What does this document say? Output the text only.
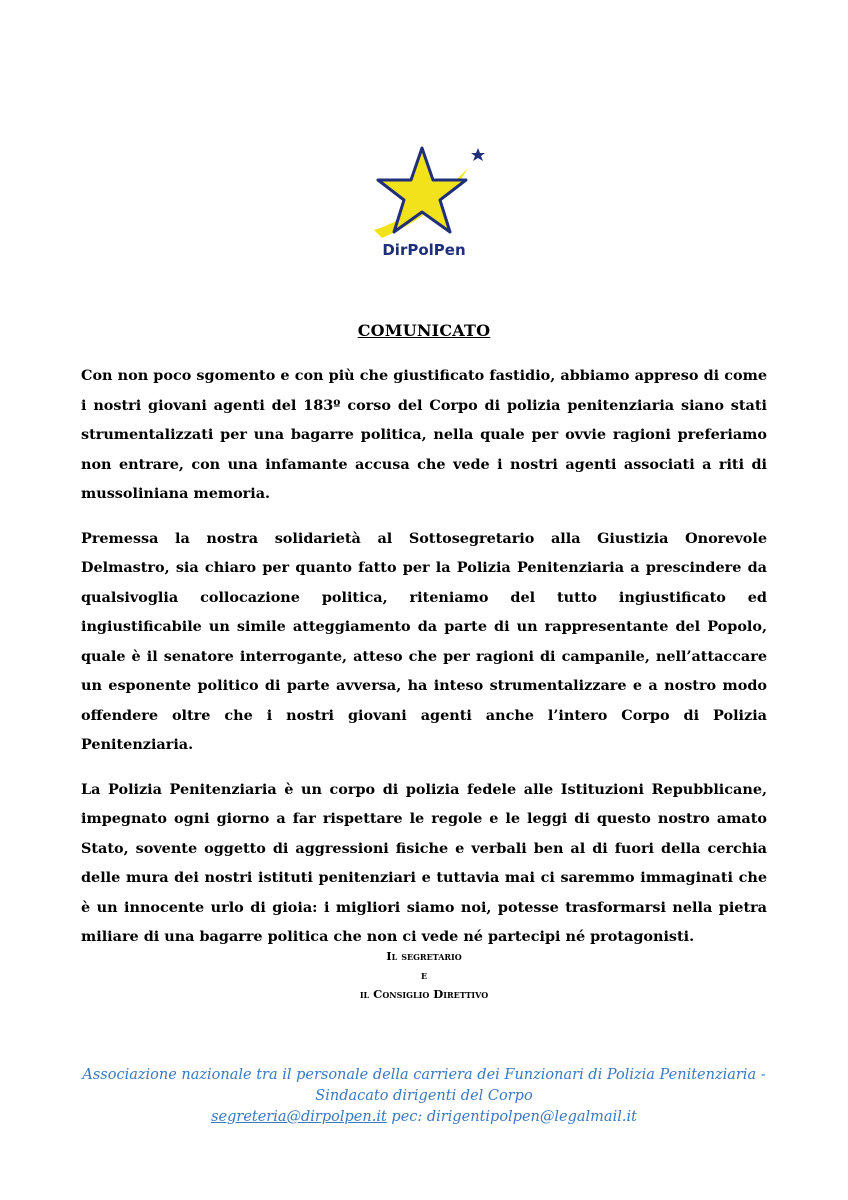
DirPolPen
COMUNICATO

Con non poco sgomento e con più che giustificato fastidio, abbiamo appreso di come i nostri giovani agenti del 183º corso del Corpo di polizia penitenziaria siano stati strumentalizzati per una bagarre politica, nella quale per ovvie ragioni preferiamo non entrare, con una infamante accusa che vede i nostri agenti associati a riti di mussoliniana memoria.

Premessa la nostra solidarietà al Sottosegretario alla Giustizia Onorevole Delmastro, sia chiaro per quanto fatto per la Polizia Penitenziaria a prescindere da qualsivoglia collocazione politica, riteniamo del tutto ingiustificato ed ingiustificabile un simile atteggiamento da parte di un rappresentante del Popolo, quale è il senatore interrogante, atteso che per ragioni di campanile, nell’attaccare un esponente politico di parte avversa, ha inteso strumentalizzare e a nostro modo offendere oltre che i nostri giovani agenti anche l’intero Corpo di Polizia Penitenziaria.

La Polizia Penitenziaria è un corpo di polizia fedele alle Istituzioni Repubblicane, impegnato ogni giorno a far rispettare le regole e le leggi di questo nostro amato Stato, sovente oggetto di aggressioni fisiche e verbali ben al di fuori della cerchia delle mura dei nostri istituti penitenziari e tuttavia mai ci saremmo immaginati che è un innocente urlo di gioia: i migliori siamo noi, potesse trasformarsi nella pietra miliare di una bagarre politica che non ci vede né partecipi né protagonisti.

Il segretario
e
il Consiglio Direttivo
Associazione nazionale tra il personale della carriera dei Funzionari di Polizia Penitenziaria -
Sindacato dirigenti del Corpo
segreteria@dirpolpen.it pec: dirigentipolpen@legalmail.it
